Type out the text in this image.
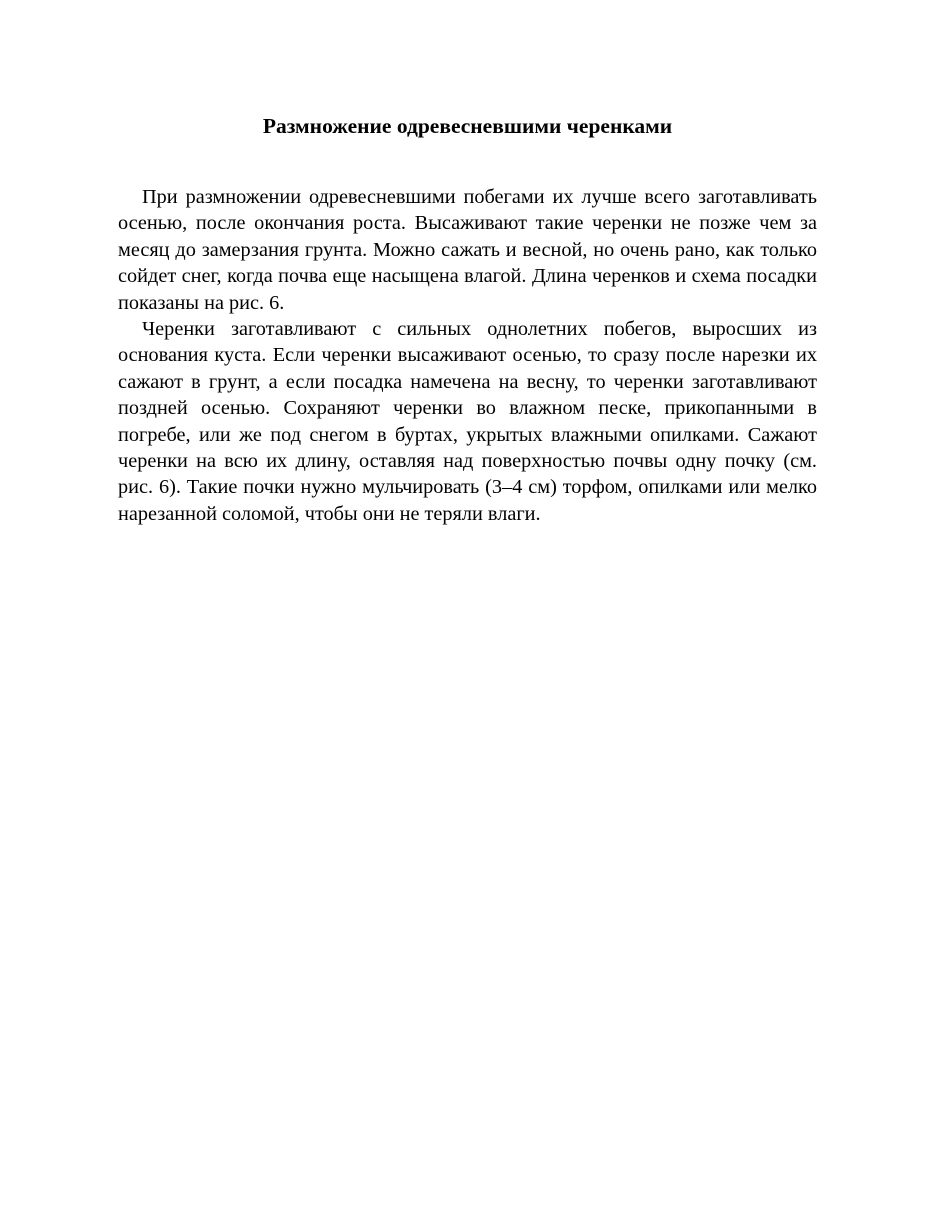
Размножение одревесневшими черенками

При размножении одревесневшими побегами их лучше всего заготавливать осенью, после окончания роста. Высаживают такие черенки не позже чем за месяц до замерзания грунта. Можно сажать и весной, но очень рано, как только сойдет снег, когда почва еще насыщена влагой. Длина черенков и схема посадки показаны на рис. 6.

Черенки заготавливают с сильных однолетних побегов, выросших из основания куста. Если черенки высаживают осенью, то сразу после нарезки их сажают в грунт, а если посадка намечена на весну, то черенки заготавливают поздней осенью. Сохраняют черенки во влажном песке, прикопанными в погребе, или же под снегом в буртах, укрытых влажными опилками. Сажают черенки на всю их длину, оставляя над поверхностью почвы одну почку (см. рис. 6). Такие почки нужно мульчировать (3–4 см) торфом, опилками или мелко нарезанной соломой, чтобы они не теряли влаги.
